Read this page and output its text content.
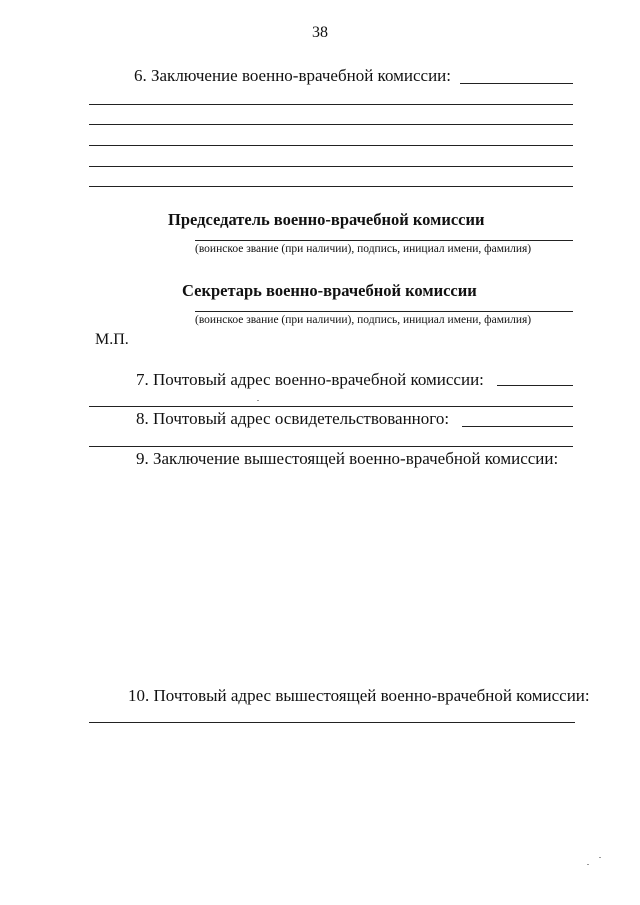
38
6. Заключение военно-врачебной комиссии:
Председатель военно-врачебной комиссии
(воинское звание (при наличии), подпись, инициал имени, фамилия)
Секретарь военно-врачебной комиссии
(воинское звание (при наличии), подпись, инициал имени, фамилия)
М.П.
7. Почтовый адрес военно-врачебной комиссии:
8. Почтовый адрес освидетельствованного:
9. Заключение вышестоящей военно-врачебной комиссии:
10. Почтовый адрес вышестоящей военно-врачебной комиссии:
